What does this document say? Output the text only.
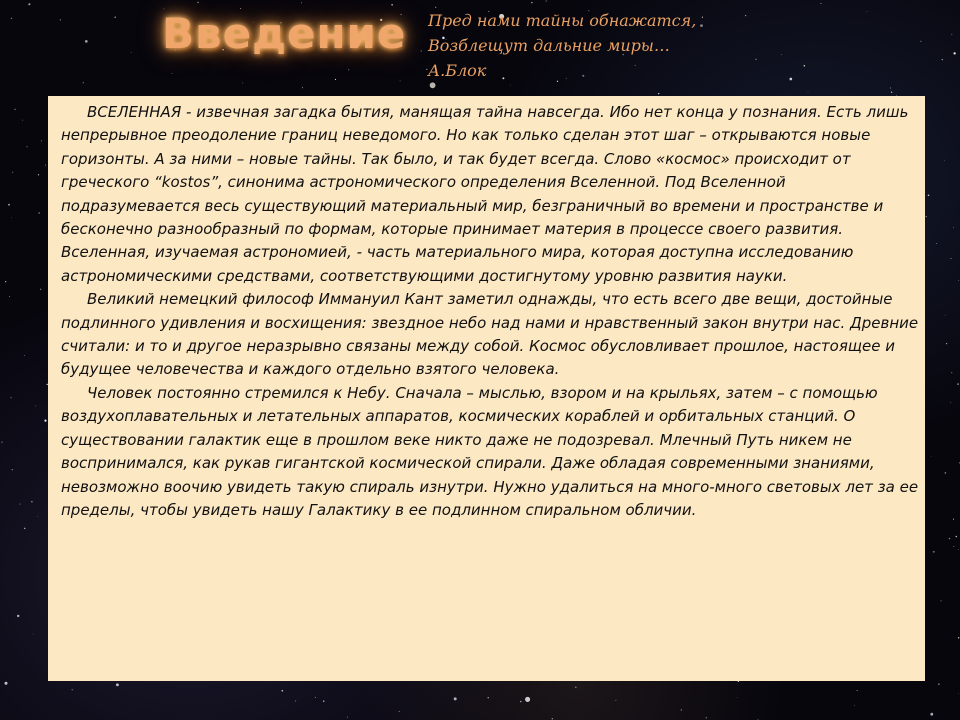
Введение Пред нами тайны обнажатся,
Возблещут дальние миры…
А.Блок

ВСЕЛЕННАЯ - извечная загадка бытия, манящая тайна навсегда. Ибо нет конца у познания. Есть лишь непрерывное преодоление границ неведомого. Но как только сделан этот шаг – открываются новые горизонты. А за ними – новые тайны. Так было, и так будет всегда. Слово «космос» происходит от греческого “kostos”, синонима астрономического определения Вселенной. Под Вселенной подразумевается весь существующий материальный мир, безграничный во времени и пространстве и бесконечно разнообразный по формам, которые принимает материя в процессе своего развития. Вселенная, изучаемая астрономией, - часть материального мира, которая доступна исследованию астрономическими средствами, соответствующими достигнутому уровню развития науки.

Великий немецкий философ Иммануил Кант заметил однажды, что есть всего две вещи, достойные подлинного удивления и восхищения: звездное небо над нами и нравственный закон внутри нас. Древние считали: и то и другое неразрывно связаны между собой. Космос обусловливает прошлое, настоящее и будущее человечества и каждого отдельно взятого человека.

Человек постоянно стремился к Небу. Сначала – мыслью, взором и на крыльях, затем – с помощью воздухоплавательных и летательных аппаратов, космических кораблей и орбитальных станций. О существовании галактик еще в прошлом веке никто даже не подозревал. Млечный Путь никем не воспринимался, как рукав гигантской космической спирали. Даже обладая современными знаниями, невозможно воочию увидеть такую спираль изнутри. Нужно удалиться на много-много световых лет за ее пределы, чтобы увидеть нашу Галактику в ее подлинном спиральном обличии.
